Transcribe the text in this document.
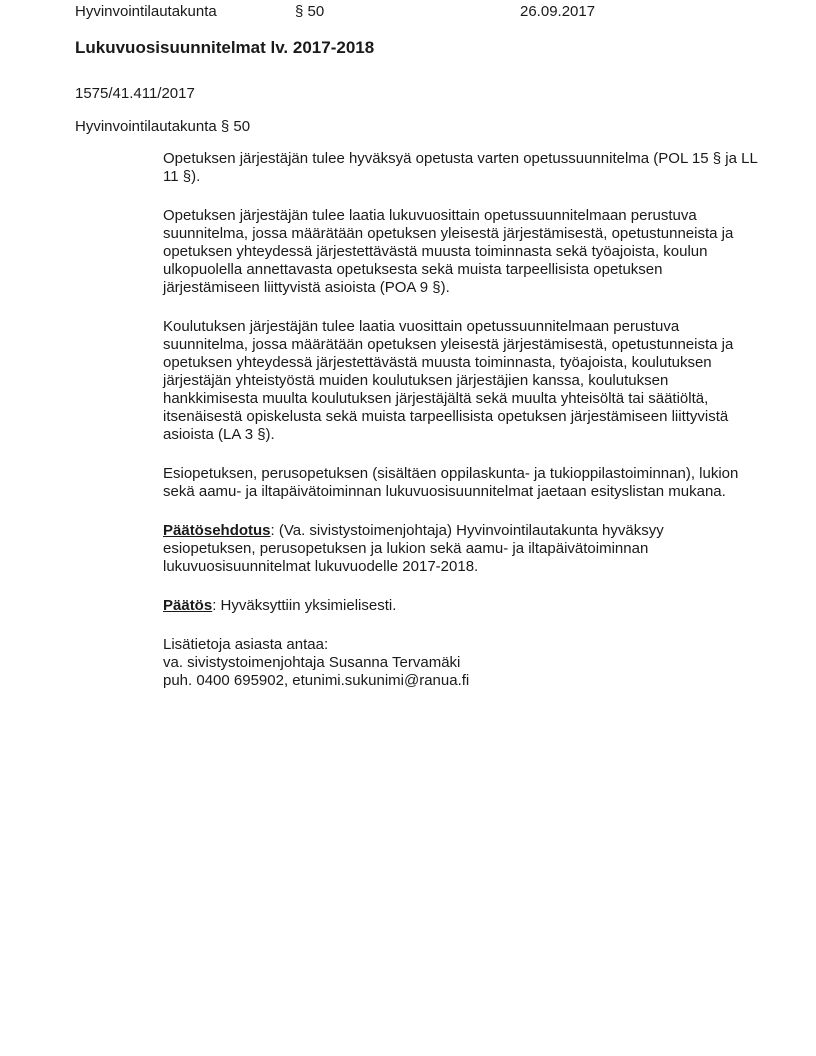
Hyvinvointilautakunta	§ 50	26.09.2017
Lukuvuosisuunnitelmat lv. 2017-2018
1575/41.411/2017
Hyvinvointilautakunta § 50

Opetuksen järjestäjän tulee hyväksyä opetusta varten opetussuunnitelma (POL 15 § ja LL 11 §).

Opetuksen järjestäjän tulee laatia lukuvuosittain opetussuunnitelmaan perustuva suunnitelma, jossa määrätään opetuksen yleisestä järjestämisestä, opetustunneista ja opetuksen yhteydessä järjestettävästä muusta toiminnasta sekä työajoista, koulun ulkopuolella annettavasta opetuksesta sekä muista tarpeellisista opetuksen järjestämiseen liittyvistä asioista (POA 9 §).

Koulutuksen järjestäjän tulee laatia vuosittain opetussuunnitelmaan perustuva suunnitelma, jossa määrätään opetuksen yleisestä järjestämisestä, opetustunneista ja opetuksen yhteydessä järjestettävästä muusta toiminnasta, työajoista, koulutuksen järjestäjän yhteistyöstä muiden koulutuksen järjestäjien kanssa, koulutuksen hankkimisesta muulta koulutuksen järjestäjältä sekä muulta yhteisöltä tai säätiöltä, itsenäisestä opiskelusta sekä muista tarpeellisista opetuksen järjestämiseen liittyvistä asioista (LA 3 §).

Esiopetuksen, perusopetuksen (sisältäen oppilaskunta- ja tukioppilastoiminnan), lukion sekä aamu- ja iltapäivätoiminnan lukuvuosisuunnitelmat jaetaan esityslistan mukana.

Päätösehdotus: (Va. sivistystoimenjohtaja) Hyvinvointilautakunta hyväksyy esiopetuksen, perusopetuksen ja lukion sekä aamu- ja iltapäivätoiminnan lukuvuosisuunnitelmat lukuvuodelle 2017-2018.

Päätös: Hyväksyttiin yksimielisesti.

Lisätietoja asiasta antaa:
va. sivistystoimenjohtaja Susanna Tervamäki
puh. 0400 695902, etunimi.sukunimi@ranua.fi
